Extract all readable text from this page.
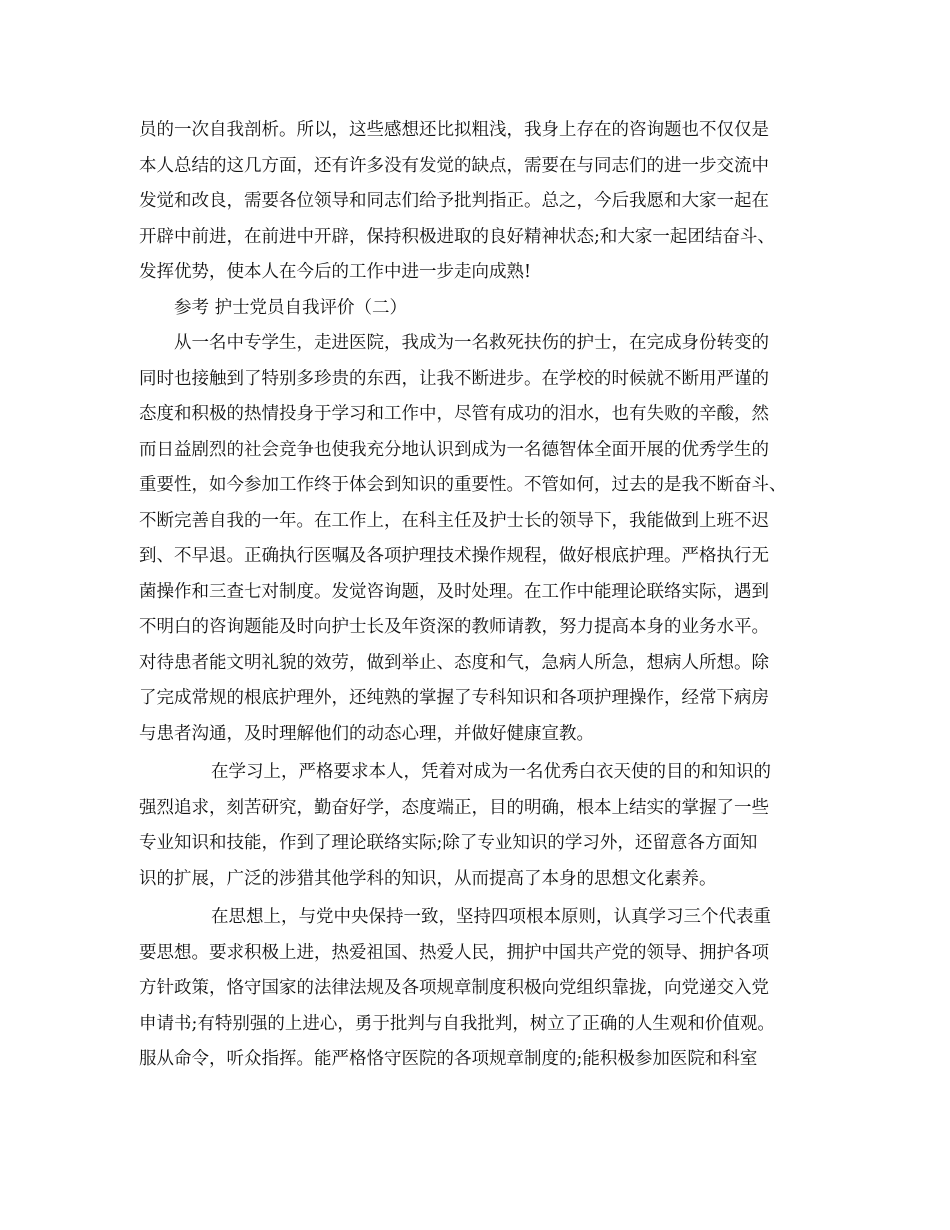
员的一次自我剖析。所以，这些感想还比拟粗浅，我身上存在的咨询题也不仅仅是

本人总结的这几方面，还有许多没有发觉的缺点，需要在与同志们的进一步交流中

发觉和改良，需要各位领导和同志们给予批判指正。总之，今后我愿和大家一起在

开辟中前进，在前进中开辟，保持积极进取的良好精神状态;和大家一起团结奋斗、

发挥优势，使本人在今后的工作中进一步走向成熟!

参考 护士党员自我评价（二）

从一名中专学生，走进医院，我成为一名救死扶伤的护士，在完成身份转变的

同时也接触到了特别多珍贵的东西，让我不断进步。在学校的时候就不断用严谨的

态度和积极的热情投身于学习和工作中，尽管有成功的泪水，也有失败的辛酸，然

而日益剧烈的社会竞争也使我充分地认识到成为一名德智体全面开展的优秀学生的

重要性，如今参加工作终于体会到知识的重要性。不管如何，过去的是我不断奋斗、

不断完善自我的一年。在工作上，在科主任及护士长的领导下，我能做到上班不迟

到、不早退。正确执行医嘱及各项护理技术操作规程，做好根底护理。严格执行无

菌操作和三查七对制度。发觉咨询题，及时处理。在工作中能理论联络实际，遇到

不明白的咨询题能及时向护士长及年资深的教师请教，努力提高本身的业务水平。

对待患者能文明礼貌的效劳，做到举止、态度和气，急病人所急，想病人所想。除

了完成常规的根底护理外，还纯熟的掌握了专科知识和各项护理操作，经常下病房

与患者沟通，及时理解他们的动态心理，并做好健康宣教。

在学习上，严格要求本人，凭着对成为一名优秀白衣天使的目的和知识的

强烈追求，刻苦研究，勤奋好学，态度端正，目的明确，根本上结实的掌握了一些

专业知识和技能，作到了理论联络实际;除了专业知识的学习外，还留意各方面知

识的扩展，广泛的涉猎其他学科的知识，从而提高了本身的思想文化素养。

在思想上，与党中央保持一致，坚持四项根本原则，认真学习三个代表重

要思想。要求积极上进，热爱祖国、热爱人民，拥护中国共产党的领导、拥护各项

方针政策，恪守国家的法律法规及各项规章制度积极向党组织靠拢，向党递交入党

申请书;有特别强的上进心，勇于批判与自我批判，树立了正确的人生观和价值观。

服从命令，听众指挥。能严格恪守医院的各项规章制度的;能积极参加医院和科室
